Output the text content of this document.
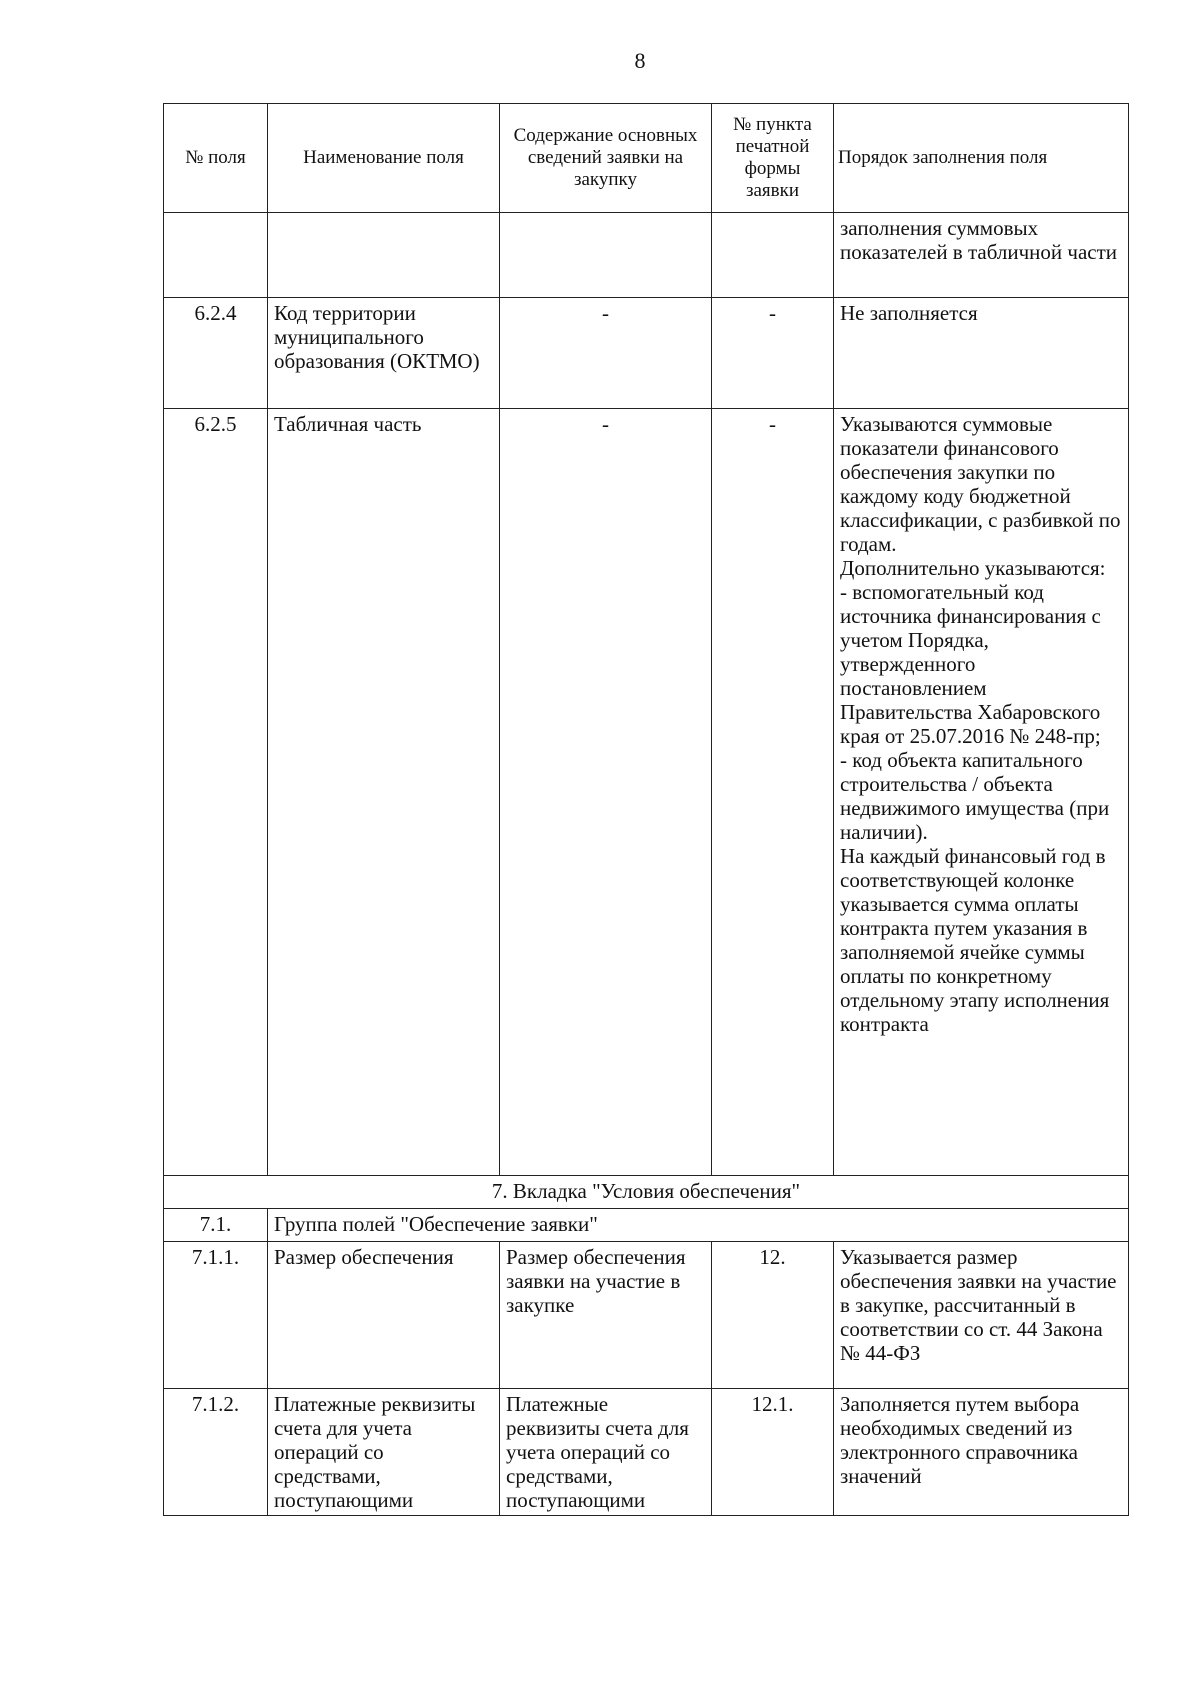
8
№ поля	Наименование поля	Содержание основных сведений заявки на закупку	№ пункта печатной формы заявки	Порядок заполнения поля
				заполнения суммовых показателей в табличной части
6.2.4	Код территории муниципального образования (ОКТМО)	-	-	Не заполняется
6.2.5	Табличная часть	-	-	Указываются суммовые показатели финансового обеспечения закупки по каждому коду бюджетной классификации, с разбивкой по годам.
Дополнительно указываются:
- вспомогательный код источника финансирования с учетом Порядка, утвержденного постановлением Правительства Хабаровского края от 25.07.2016 № 248-пр;
- код объекта капитального строительства / объекта недвижимого имущества (при наличии).
На каждый финансовый год в соответствующей колонке указывается сумма оплаты контракта путем указания в заполняемой ячейке суммы оплаты по конкретному отдельному этапу исполнения контракта
7. Вкладка "Условия обеспечения"				
7.1.	Группа полей "Обеспечение заявки"			
7.1.1.	Размер обеспечения	Размер обеспечения заявки на участие в закупке	12.	Указывается размер обеспечения заявки на участие в закупке, рассчитанный в соответствии со ст. 44 Закона № 44-ФЗ
7.1.2.	Платежные реквизиты счета для учета операций со средствами, поступающими	Платежные реквизиты счета для учета операций со средствами, поступающими	12.1.	Заполняется путем выбора необходимых сведений из электронного справочника значений
